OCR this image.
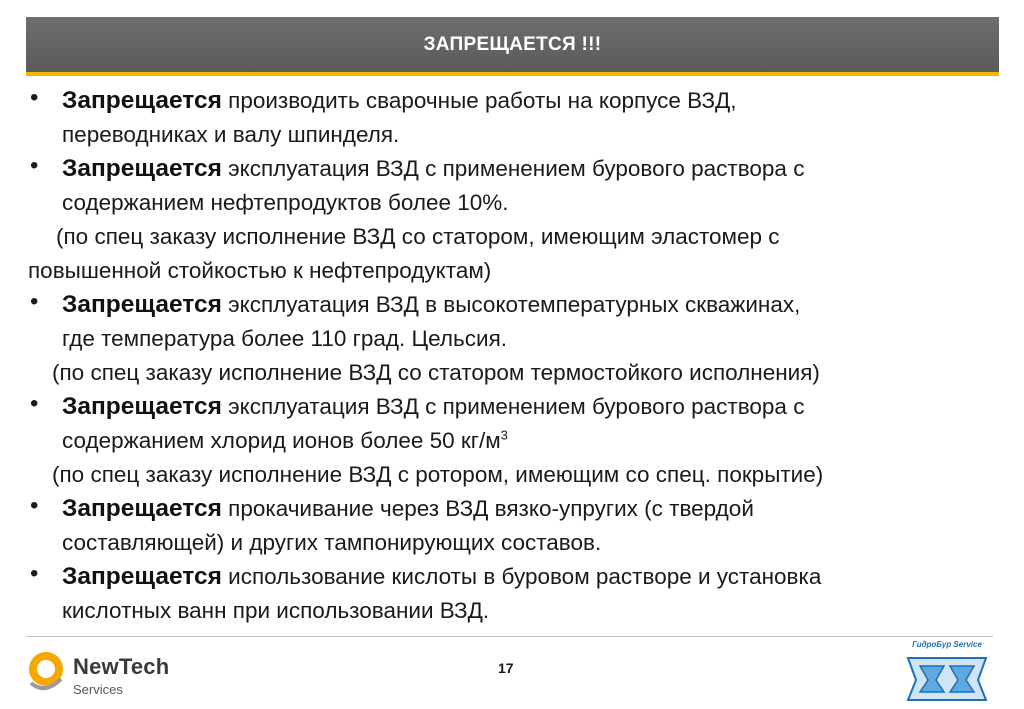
ЗАПРЕЩАЕТСЯ !!!
• Запрещается производить сварочные работы на корпусе ВЗД,
переводниках и валу шпинделя.
• Запрещается эксплуатация ВЗД с применением бурового раствора с
содержанием нефтепродуктов более 10%.
(по спец заказу исполнение ВЗД со статором, имеющим эластомер с
повышенной стойкостью к нефтепродуктам)
• Запрещается эксплуатация ВЗД в высокотемпературных скважинах,
где температура более 110 град. Цельсия.
(по спец заказу исполнение ВЗД со статором термостойкого исполнения)
• Запрещается эксплуатация ВЗД с применением бурового раствора с
содержанием хлорид ионов более 50 $кг/м^3$
(по спец заказу исполнение ВЗД с ротором, имеющим со спец. покрытие)
• Запрещается прокачивание через ВЗД вязко-упругих (с твердой
составляющей) и других тампонирующих составов.
• Запрещается использование кислоты в буровом растворе и установка
кислотных ванн при использовании ВЗД.
NewTech
Services
17
ГидроБур Service
